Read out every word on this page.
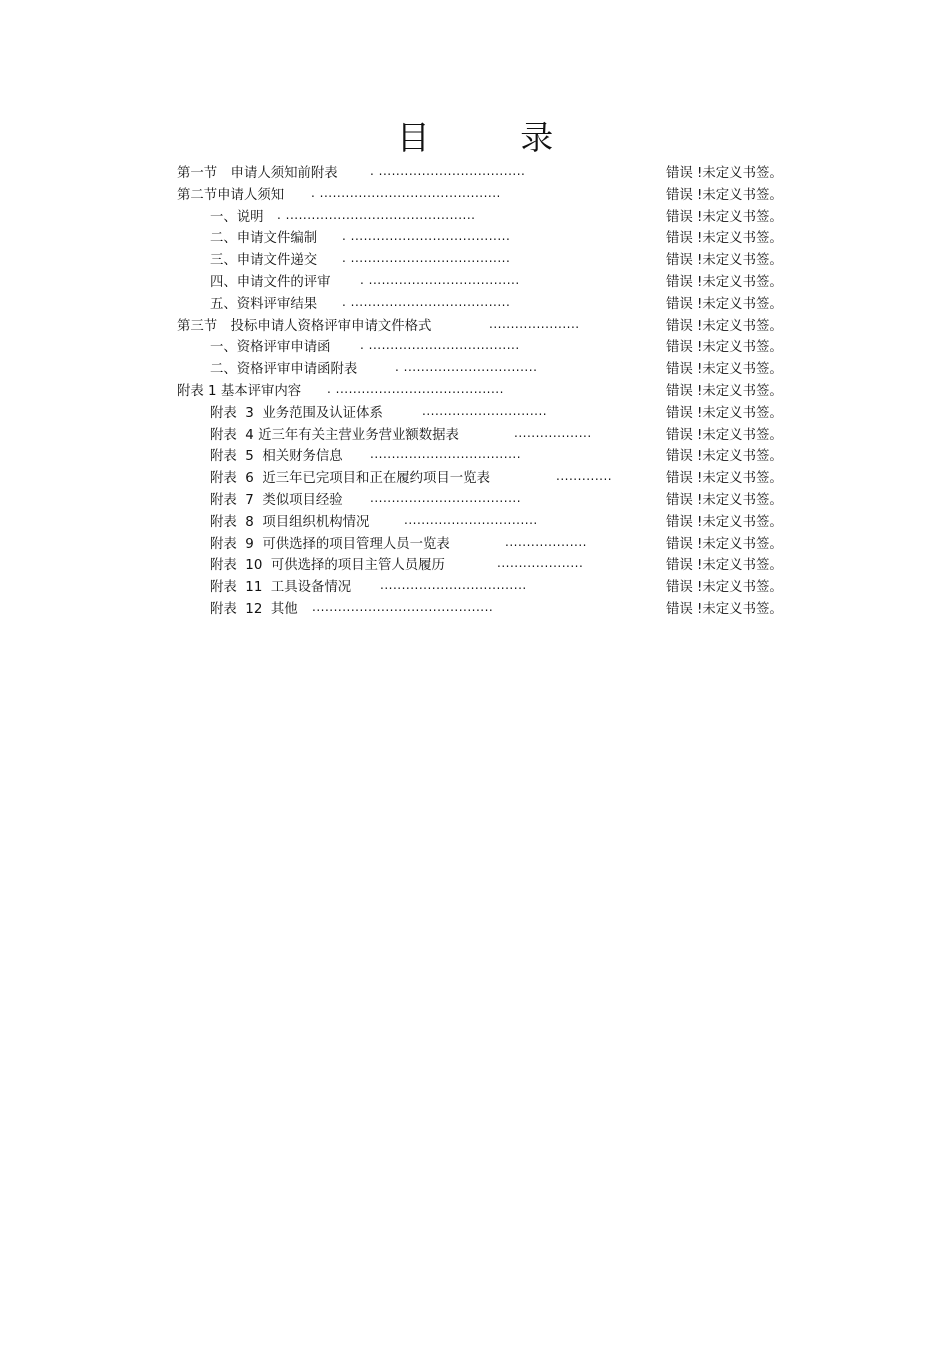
目 录
第一节　申请人须知前附表	. ..................................	错误 !未定义书签。
第二节申请人须知 . ..........................................	错误 !未定义书签。
一、说明 . ............................................	错误 !未定义书签。
二、申请文件编制 . .....................................	错误 !未定义书签。
三、申请文件递交 . .....................................	错误 !未定义书签。
四、申请文件的评审 . ...................................	错误 !未定义书签。
五、资料评审结果 . .....................................	错误 !未定义书签。
第三节　投标申请人资格评审申请文件格式	.....................	错误 !未定义书签。
一、资格评审申请函 . ...................................	错误 !未定义书签。
二、资格评审申请函附表	. ...............................	错误 !未定义书签。
附表 1 基本评审内容 . .......................................	错误 !未定义书签。
附表  3  业务范围及认证体系	.............................	错误 !未定义书签。
附表  4 近三年有关主营业务营业额数据表	..................	错误 !未定义书签。
附表  5  相关财务信息 ...................................	错误 !未定义书签。
附表  6  近三年已完项目和正在履约项目一览表	.............	错误 !未定义书签。
附表  7  类似项目经验 ...................................	错误 !未定义书签。
附表  8  项目组织机构情况	...............................	错误 !未定义书签。
附表  9  可供选择的项目管理人员一览表	...................	错误 !未定义书签。
附表  10  可供选择的项目主管人员履历	....................	错误 !未定义书签。
附表  11  工具设备情况 ..................................	错误 !未定义书签。
附表  12  其他 ..........................................	错误 !未定义书签。
